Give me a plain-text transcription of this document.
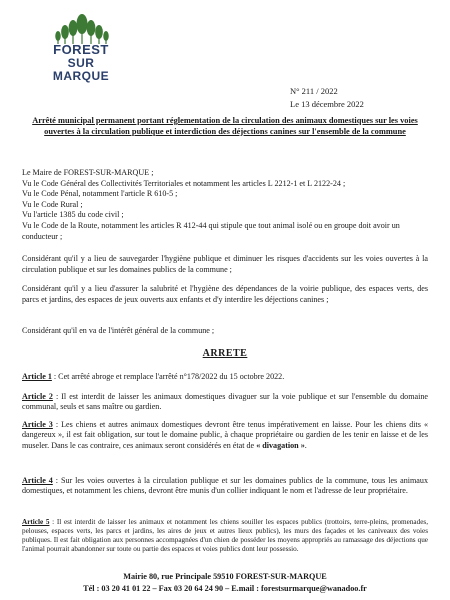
FOREST
SUR
MARQUE
N° 211 / 2022
Le 13 décembre 2022
Arrêté municipal permanent portant réglementation de la circulation des animaux domestiques sur les voies ouvertes à la circulation publique et interdiction des déjections canines sur l'ensemble de la commune

Le Maire de FOREST-SUR-MARQUE ;

Vu le Code Général des Collectivités Territoriales et notamment les articles L 2212-1 et L 2122-24 ;

Vu le Code Pénal, notamment l'article R 610-5 ;

Vu le Code Rural ;

Vu l'article 1385 du code civil ;

Vu le Code de la Route, notamment les articles R 412-44 qui stipule que tout animal isolé ou en groupe doit avoir un conducteur ;

Considérant qu'il y a lieu de sauvegarder l'hygiène publique et diminuer les risques d'accidents sur les voies ouvertes à la circulation publique et sur les domaines publics de la commune ;
Considérant qu'il y a lieu d'assurer la salubrité et l'hygiène des dépendances de la voirie publique, des espaces verts, des parcs et jardins, des espaces de jeux ouverts aux enfants et d'y interdire les déjections canines ;
Considérant qu'il en va de l'intérêt général de la commune ;
ARRETE
Article 1 : Cet arrêté abroge et remplace l'arrêté n°178/2022 du 15 octobre 2022.
Article 2 : Il est interdit de laisser les animaux domestiques divaguer sur la voie publique et sur l'ensemble du domaine communal, seuls et sans maître ou gardien.
Article 3 : Les chiens et autres animaux domestiques devront être tenus impérativement en laisse. Pour les chiens dits « dangereux », il est fait obligation, sur tout le domaine public, à chaque propriétaire ou gardien de les tenir en laisse et de les museler. Dans le cas contraire, ces animaux seront considérés en état de « divagation ».
Article 4 : Sur les voies ouvertes à la circulation publique et sur les domaines publics de la commune, tous les animaux domestiques, et notamment les chiens, devront être munis d'un collier indiquant le nom et l'adresse de leur propriétaire.
Article 5 : Il est interdit de laisser les animaux et notamment les chiens souiller les espaces publics (trottoirs, terre-pleins, promenades, pelouses, espaces verts, les parcs et jardins, les aires de jeux et autres lieux publics), les murs des façades et les caniveaux des voies publiques. Il est fait obligation aux personnes accompagnées d'un chien de posséder les moyens appropriés au ramassage des déjections que l'animal pourrait abandonner sur toute ou partie des espaces et voies publics dont leur possessio.
Mairie 80, rue Principale 59510 FOREST-SUR-MARQUE
Tél : 03 20 41 01 22 – Fax 03 20 64 24 90 – E.mail : forestsurmarque@wanadoo.fr
